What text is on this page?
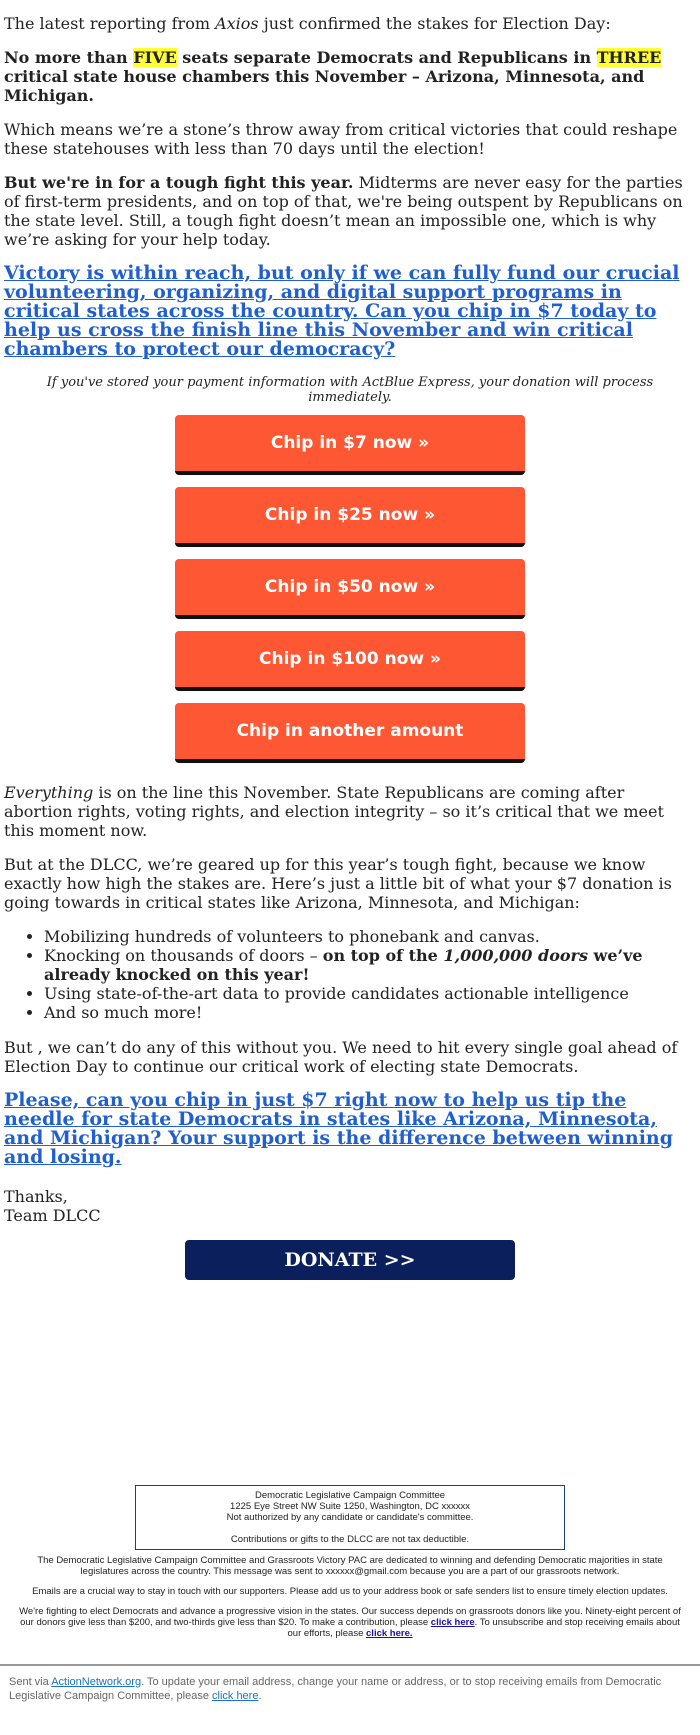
The latest reporting from Axios just confirmed the stakes for Election Day:

No more than FIVE seats separate Democrats and Republicans in THREE critical state house chambers this November – Arizona, Minnesota, and Michigan.

Which means we’re a stone’s throw away from critical victories that could reshape these statehouses with less than 70 days until the election!

But we're in for a tough fight this year. Midterms are never easy for the parties of first-term presidents, and on top of that, we're being outspent by Republicans on the state level. Still, a tough fight doesn’t mean an impossible one, which is why we’re asking for your help today.

Victory is within reach, but only if we can fully fund our crucial volunteering, organizing, and digital support programs in critical states across the country. Can you chip in $7 today to help us cross the finish line this November and win critical chambers to protect our democracy?
If you've stored your payment information with ActBlue Express, your donation will process immediately.
Chip in $7 now »
Chip in $25 now »
Chip in $50 now »
Chip in $100 now »
Chip in another amount

Everything is on the line this November. State Republicans are coming after abortion rights, voting rights, and election integrity – so it’s critical that we meet this moment now.

But at the DLCC, we’re geared up for this year’s tough fight, because we know exactly how high the stakes are. Here’s just a little bit of what your $7 donation is going towards in critical states like Arizona, Minnesota, and Michigan:

• Mobilizing hundreds of volunteers to phonebank and canvas.
• Knocking on thousands of doors – on top of the 1,000,000 doors we’ve already knocked on this year!
• Using state-of-the-art data to provide candidates actionable intelligence
• And so much more!

But , we can’t do any of this without you. We need to hit every single goal ahead of Election Day to continue our critical work of electing state Democrats.

Please, can you chip in just $7 right now to help us tip the needle for state Democrats in states like Arizona, Minnesota, and Michigan? Your support is the difference between winning and losing.

Thanks,
Team DLCC

DONATE >>
Democratic Legislative Campaign Committee
1225 Eye Street NW Suite 1250, Washington, DC xxxxxx
Not authorized by any candidate or candidate's committee.
Contributions or gifts to the DLCC are not tax deductible.
The Democratic Legislative Campaign Committee and Grassroots Victory PAC are dedicated to winning and defending Democratic majorities in state legislatures across the country. This message was sent to xxxxxx@gmail.com because you are a part of our grassroots network.
Emails are a crucial way to stay in touch with our supporters. Please add us to your address book or safe senders list to ensure timely election updates.
We're fighting to elect Democrats and advance a progressive vision in the states. Our success depends on grassroots donors like you. Ninety-eight percent of our donors give less than $200, and two-thirds give less than $20. To make a contribution, please click here. To unsubscribe and stop receiving emails about our efforts, please click here.
Sent via ActionNetwork.org. To update your email address, change your name or address, or to stop receiving emails from Democratic Legislative Campaign Committee, please click here.
